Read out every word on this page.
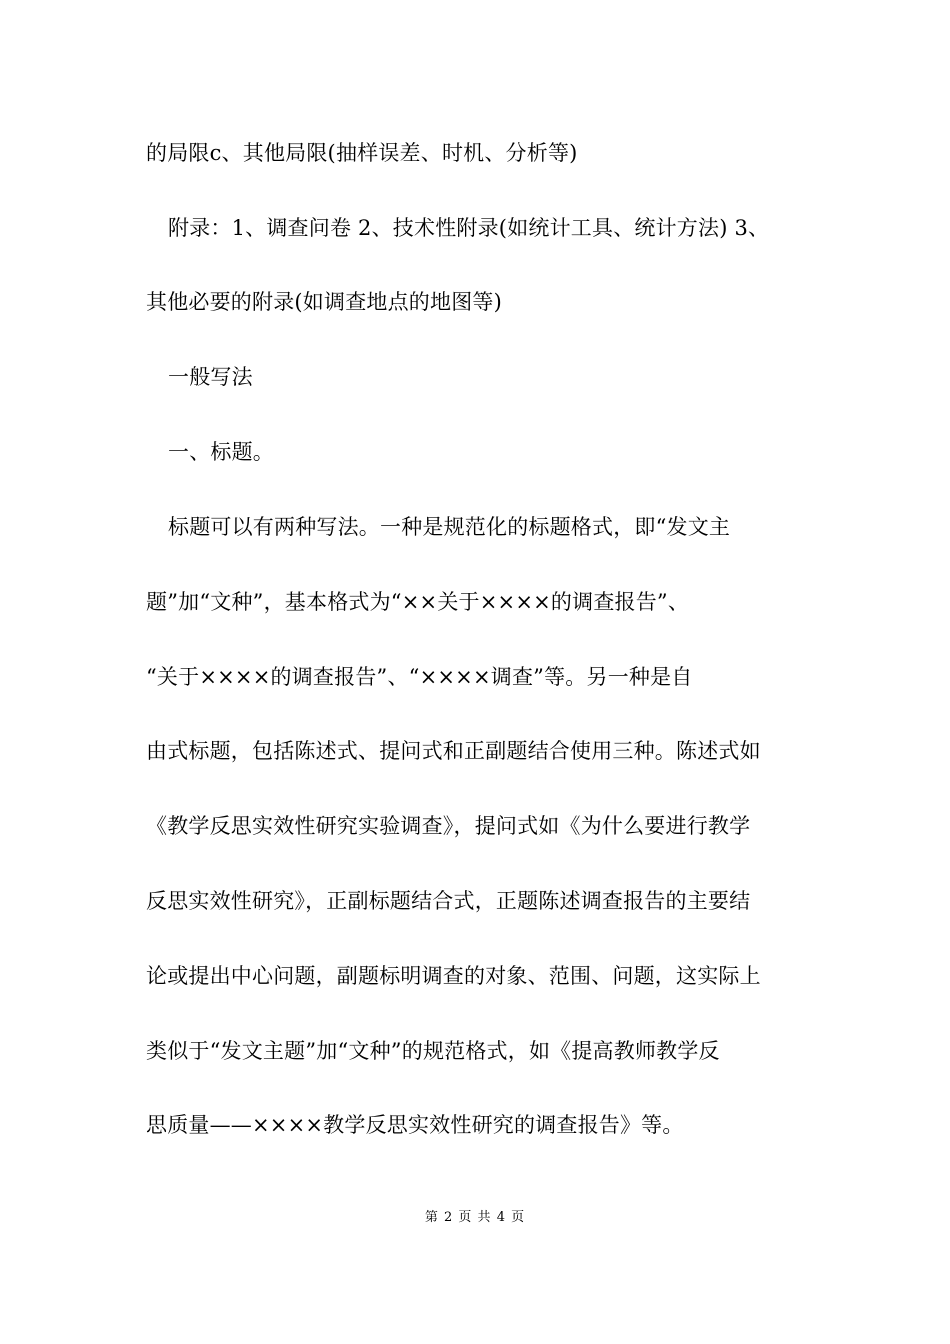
的局限c、其他局限(抽样误差、时机、分析等)
附录：1、调查问卷 2、技术性附录(如统计工具、统计方法) 3、
其他必要的附录(如调查地点的地图等)
一般写法
一、标题。
标题可以有两种写法。一种是规范化的标题格式，即“发文主
题”加“文种”，基本格式为“××关于××××的调查报告”、
“关于××××的调查报告”、“××××调查”等。另一种是自
由式标题，包括陈述式、提问式和正副题结合使用三种。陈述式如
《教学反思实效性研究实验调查》，提问式如《为什么要进行教学
反思实效性研究》，正副标题结合式，正题陈述调查报告的主要结
论或提出中心问题，副题标明调查的对象、范围、问题，这实际上
类似于“发文主题”加“文种”的规范格式，如《提高教师教学反
思质量——××××教学反思实效性研究的调查报告》等。
第 2 页 共 4 页
